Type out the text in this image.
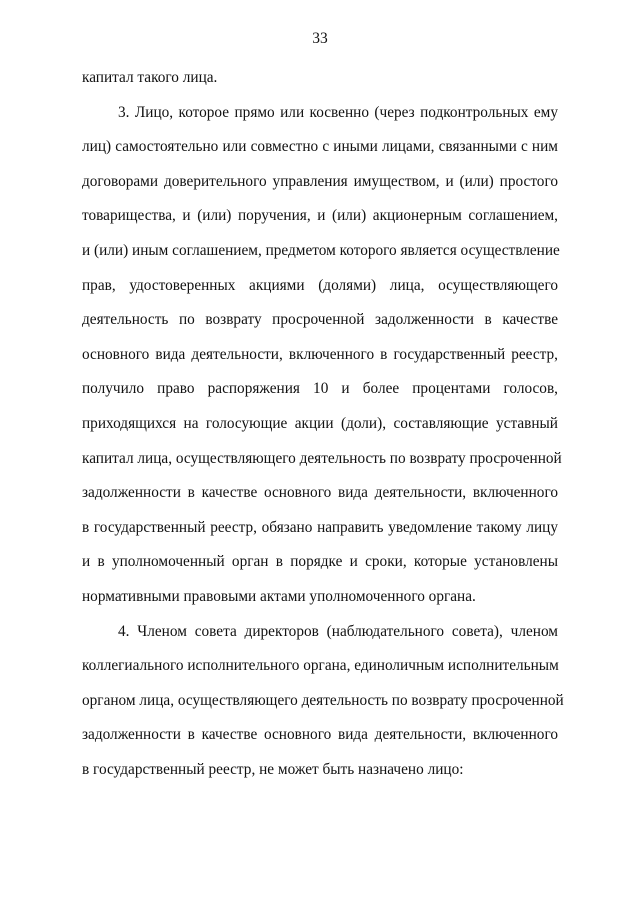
33
капитал такого лица.
3. Лицо, которое прямо или косвенно (через подконтрольных ему
лиц) самостоятельно или совместно с иными лицами, связанными с ним
договорами доверительного управления имуществом, и (или) простого
товарищества, и (или) поручения, и (или) акционерным соглашением,
и (или) иным соглашением, предметом которого является осуществление
прав, удостоверенных акциями (долями) лица, осуществляющего
деятельность по возврату просроченной задолженности в качестве
основного вида деятельности, включенного в государственный реестр,
получило право распоряжения 10 и более процентами голосов,
приходящихся на голосующие акции (доли), составляющие уставный
капитал лица, осуществляющего деятельность по возврату просроченной
задолженности в качестве основного вида деятельности, включенного
в государственный реестр, обязано направить уведомление такому лицу
и в уполномоченный орган в порядке и сроки, которые установлены
нормативными правовыми актами уполномоченного органа.
4. Членом совета директоров (наблюдательного совета), членом
коллегиального исполнительного органа, единоличным исполнительным
органом лица, осуществляющего деятельность по возврату просроченной
задолженности в качестве основного вида деятельности, включенного
в государственный реестр, не может быть назначено лицо:
